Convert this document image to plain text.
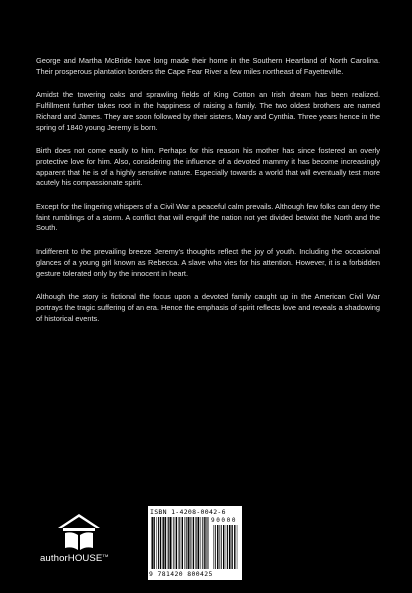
George and Martha McBride have long made their home in the Southern Heartland of North Carolina. Their prosperous plantation borders the Cape Fear River a few miles northeast of Fayetteville.

Amidst the towering oaks and sprawling fields of King Cotton an Irish dream has been realized. Fulfillment further takes root in the happiness of raising a family. The two oldest brothers are named Richard and James. They are soon followed by their sisters, Mary and Cynthia. Three years hence in the spring of 1840 young Jeremy is born.

Birth does not come easily to him. Perhaps for this reason his mother has since fostered an overly protective love for him. Also, considering the influence of a devoted mammy it has become increasingly apparent that he is of a highly sensitive nature. Especially towards a world that will eventually test more acutely his compassionate spirit.

Except for the lingering whispers of a Civil War a peaceful calm prevails. Although few folks can deny the faint rumblings of a storm. A conflict that will engulf the nation not yet divided betwixt the North and the South.

Indifferent to the prevailing breeze Jeremy's thoughts reflect the joy of youth. Including the occasional glances of a young girl known as Rebecca. A slave who vies for his attention. However, it is a forbidden gesture tolerated only by the innocent in heart.

Although the story is fictional the focus upon a devoted family caught up in the American Civil War portrays the tragic suffering of an era. Hence the emphasis of spirit reflects love and reveals a shadowing of historical events.

authorHOUSE™
ISBN 1-4208-0042-6
90000
9 781420 800425
